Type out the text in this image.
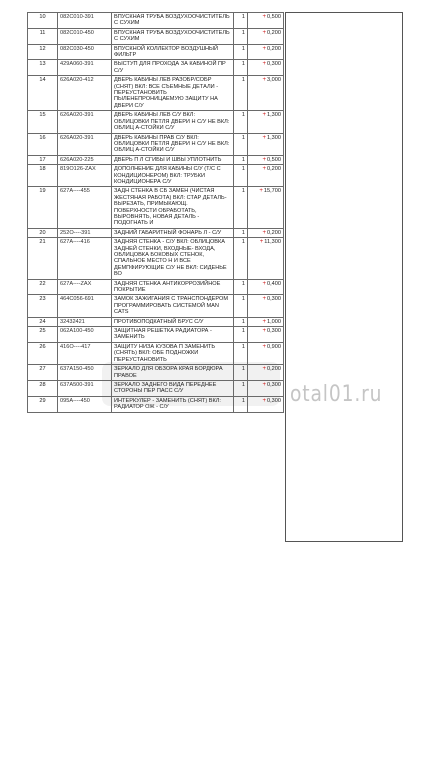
10	082C010-391	ВПУСКНАЯ ТРУБА ВОЗДУХООЧИСТИТЕЛЬ С СУХИМ	1	+0,500
11	082C010-450	ВПУСКНАЯ ТРУБА ВОЗДУХООЧИСТИТЕЛЬ С СУХИМ	1	+0,200
12	082C030-450	ВПУСКНОЙ КОЛЛЕКТОР ВОЗДУШНЫЙ ФИЛЬТР	1	+0,200
13	429A060-391	ВЫСТУП ДЛЯ ПРОХОДА ЗА КАБИНОЙ ПР С/У	1	+0,300
14	626A020-412	ДВЕРЬ КАБИНЫ ЛЕВ РАЗОБР/СОБР (СНЯТ) ВКЛ: ВСЕ СЪЕМНЫЕ ДЕТАЛИ - ПЕРЕУСТАНОВИТЬ ПЫЛЕНЕПРОНИЦАЕМУЮ ЗАЩИТУ НА ДВЕРИ С/У	1	+3,000
15	626A020-391	ДВЕРЬ КАБИНЫ ЛЕВ С/У ВКЛ: ОБЛИЦОВКИ ПЕТЛЯ ДВЕРИ Н С/У НЕ ВКЛ: ОБЛИЦ А-СТОЙКИ С/У	1	+1,300
16	626A020-391	ДВЕРЬ КАБИНЫ ПРАВ С/У ВКЛ: ОБЛИЦОВКИ ПЕТЛЯ ДВЕРИ Н С/У НЕ ВКЛ: ОБЛИЦ А-СТОЙКИ С/У	1	+1,300
17	626A020-225	ДВЕРЬ П Л СГИБЫ И ШВЫ УПЛОТНИТЬ	1	+0,500
18	819O126-ZAX	ДОПОЛНЕНИЕ ДЛЯ КАБИНЫ С/У (Т/С С КОНДИЦИОНЕРОМ) ВКЛ: ТРУБКИ КОНДИЦИОНЕРА С/У	1	+0,200
19	627A----455	ЗАДН СТЕНКА В СБ ЗАМЕН (ЧИСТАЯ ЖЕСТЯНАЯ РАБОТА) ВКЛ: СТАР ДЕТАЛЬ-ВЫРЕЗАТЬ, ПРИМЫКАЮЩ. ПОВЕРХНОСТИ ОБРАБОТАТЬ, ВЫРОВНЯТЬ, НОВАЯ ДЕТАЛЬ - ПОДОГНАТЬ И	1	+15,700
20	252O----391	ЗАДНИЙ ГАБАРИТНЫЙ ФОНАРЬ Л - С/У	1	+0,200
21	627A----416	ЗАДНЯЯ СТЕНКА - С/У ВКЛ: ОБЛИЦОВКА ЗАДНЕЙ СТЕНКИ, ВХОДНЫЕ- ВХОДА, ОБЛИЦОВКА БОКОВЫХ СТЕНОК, СПАЛЬНОЕ МЕСТО Н И ВСЕ ДЕМПФИРУЮЩИЕ С/У НЕ ВКЛ: СИДЕНЬЕ ВО	1	+11,300
22	627A----ZAX	ЗАДНЯЯ СТЕНКА АНТИКОРРОЗИЙНОЕ ПОКРЫТИЕ	1	+0,400
23	464C056-691	ЗАМОК ЗАЖИГАНИЯ С ТРАНСПОНДЕРОМ ПРОГРАММИРОВАТЬ СИСТЕМОЙ MAN CATS	1	+0,300
24	32432421	ПРОТИВОПОДКАТНЫЙ БРУС С/У	1	+1,000
25	062A100-450	ЗАЩИТНАЯ РЕШЕТКА РАДИАТОРА - ЗАМЕНИТЬ	1	+0,300
26	416O----417	ЗАЩИТУ НИЗА КУЗОВА П ЗАМЕНИТЬ (СНЯТЬ) ВКЛ: ОБЕ ПОДНОЖКИ ПЕРЕУСТАНОВИТЬ	1	+0,900
27	637A150-450	ЗЕРКАЛО ДЛЯ ОБЗОРА КРАЯ БОРДЮРА ПРАВОЕ	1	+0,200
28	637A500-391	ЗЕРКАЛО ЗАДНЕГО ВИДА ПЕРЕДНЕЕ СТОРОНЫ ПЕР ПАСС С/У	1	+0,300
29	095A----450	ИНТЕРКУЛЕР - ЗАМЕНИТЬ (СНЯТ) ВКЛ: РАДИАТОР ОЖ - С/У	1	+0,300 otal01.ru
